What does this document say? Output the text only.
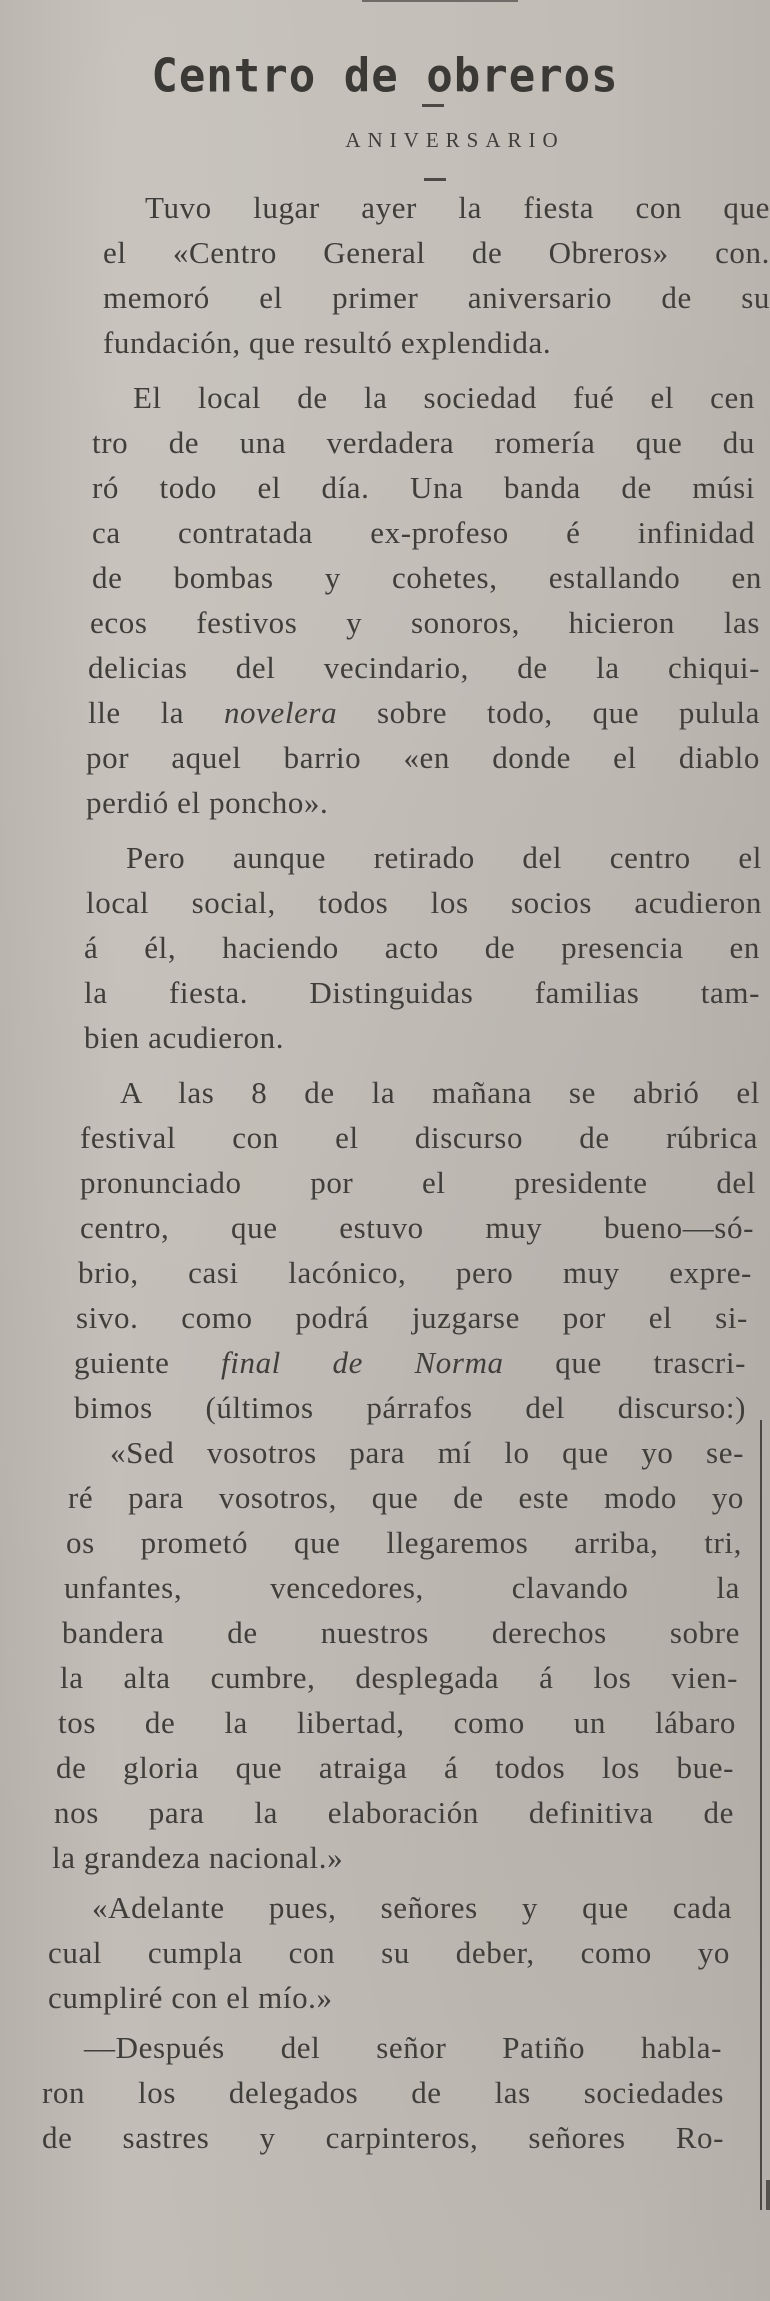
Centro de obreros
ANIVERSARIO
Tuvo lugar ayer la fiesta con que
el «Centro General de Obreros» con.
memoró el primer aniversario de su
fundación, que resultó explendida.
El local de la sociedad fué el cen
tro de una verdadera romería que du
ró todo el día. Una banda de músi
ca contratada ex-profeso é infinidad
de bombas y cohetes, estallando en
ecos festivos y sonoros, hicieron las
delicias del vecindario, de la chiqui-
lle la novelera sobre todo, que pulula
por aquel barrio «en donde el diablo
perdió el poncho».
Pero aunque retirado del centro el
local social, todos los socios acudieron
á él, haciendo acto de presencia en
la fiesta. Distinguidas familias tam-
bien acudieron.
A las 8 de la mañana se abrió el
festival con el discurso de rúbrica
pronunciado por el presidente del
centro, que estuvo muy bueno—só-
brio, casi lacónico, pero muy expre-
sivo. como podrá juzgarse por el si-
guiente final de Norma que trascri-
bimos (últimos párrafos del discurso:)
«Sed vosotros para mí lo que yo se-
ré para vosotros, que de este modo yo
os prometó que llegaremos arriba, tri,
unfantes, vencedores, clavando la
bandera de nuestros derechos sobre
la alta cumbre, desplegada á los vien-
tos de la libertad, como un lábaro
de gloria que atraiga á todos los bue-
nos para la elaboración definitiva de
la grandeza nacional.»
«Adelante pues, señores y que cada
cual cumpla con su deber, como yo
cumpliré con el mío.»
—Después del señor Patiño habla-
ron los delegados de las sociedades
de sastres y carpinteros, señores Ro-
